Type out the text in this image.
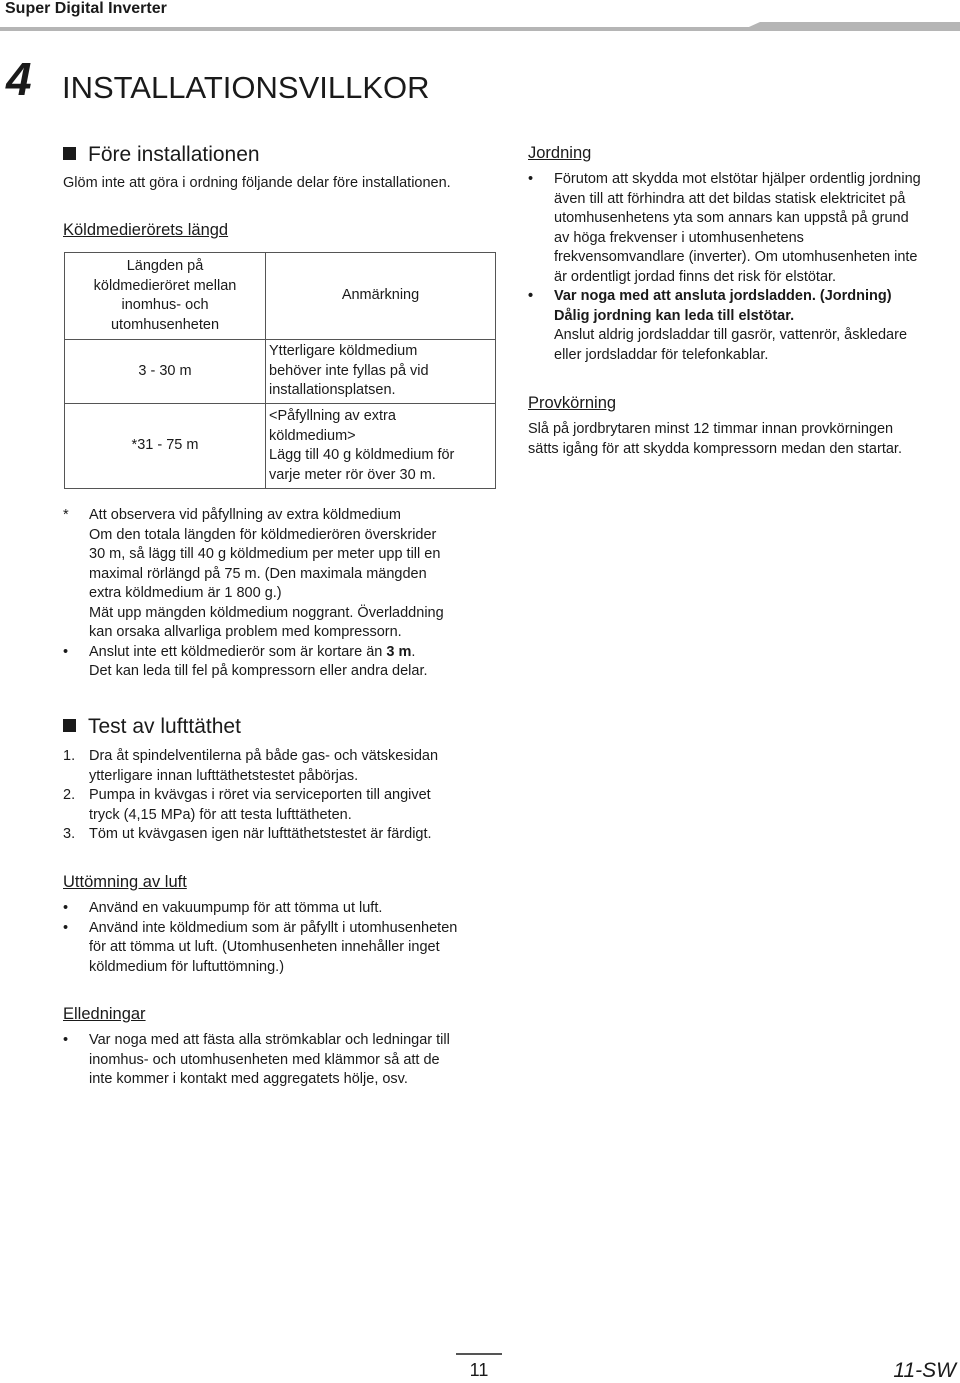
Super Digital Inverter
4 INSTALLATIONSVILLKOR
Före installationen
Glöm inte att göra i ordning följande delar före installationen.
Köldmedierörets längd
Längden på
köldmedieröret mellan
inomhus- och
utomhusenheten	Anmärkning
3 - 30 m	Ytterligare köldmedium
behöver inte fyllas på vid
installationsplatsen.

*31 - 75 m	<Påfyllning av extra
köldmedium>
Lägg till 40 g köldmedium för
varje meter rör över 30 m.
* Att observera vid påfyllning av extra köldmedium
Om den totala längden för köldmedierören överskrider
30 m, så lägg till 40 g köldmedium per meter upp till en
maximal rörlängd på 75 m. (Den maximala mängden
extra köldmedium är 1 800 g.)
Mät upp mängden köldmedium noggrant. Överladdning
kan orsaka allvarliga problem med kompressorn.
• Anslut inte ett köldmedierör som är kortare än 3 m.
Det kan leda till fel på kompressorn eller andra delar.
Test av lufttäthet
1. Dra åt spindelventilerna på både gas- och vätskesidan
ytterligare innan lufttäthetstestet påbörjas.
2. Pumpa in kvävgas i röret via serviceporten till angivet
tryck (4,15 MPa) för att testa lufttätheten.
3. Töm ut kvävgasen igen när lufttäthetstestet är färdigt.
Uttömning av luft
• Använd en vakuumpump för att tömma ut luft.
• Använd inte köldmedium som är påfyllt i utomhusenheten
för att tömma ut luft. (Utomhusenheten innehåller inget
köldmedium för luftuttömning.)
Elledningar
• Var noga med att fästa alla strömkablar och ledningar till
inomhus- och utomhusenheten med klämmor så att de
inte kommer i kontakt med aggregatets hölje, osv.
Jordning
• Förutom att skydda mot elstötar hjälper ordentlig jordning
även till att förhindra att det bildas statisk elektricitet på
utomhusenhetens yta som annars kan uppstå på grund
av höga frekvenser i utomhusenhetens
frekvensomvandlare (inverter). Om utomhusenheten inte
är ordentligt jordad finns det risk för elstötar.
• Var noga med att ansluta jordsladden. (Jordning)
Dålig jordning kan leda till elstötar.
Anslut aldrig jordsladdar till gasrör, vattenrör, åskledare
eller jordsladdar för telefonkablar.
Provkörning
Slå på jordbrytaren minst 12 timmar innan provkörningen
sätts igång för att skydda kompressorn medan den startar.
11	11-SW
